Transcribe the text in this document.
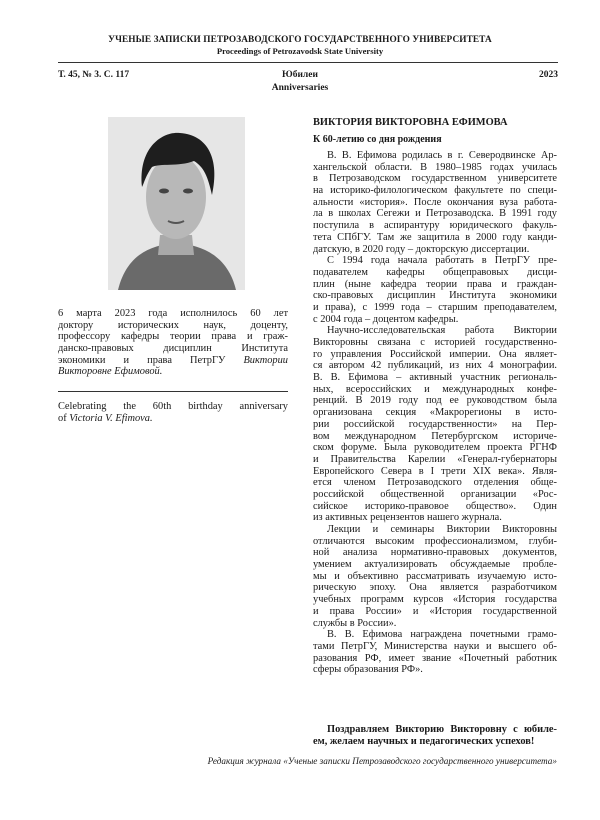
УЧЕНЫЕ ЗАПИСКИ ПЕТРОЗАВОДСКОГО ГОСУДАРСТВЕННОГО УНИВЕРСИТЕТА
Proceedings of Petrozavodsk State University
Т. 45, № 3. С. 117	Юбилеи
Anniversaries
2023
6 марта 2023 года исполнилось 60 лет
доктору исторических наук, доценту,
профессору кафедры теории права и граж-
данско-правовых дисциплин Института
экономики и права ПетрГУ Виктории
Викторовне Ефимовой.
Celebrating the 60th birthday anniversary
of Victoria V. Efimova.
ВИКТОРИЯ ВИКТОРОВНА ЕФИМОВА
К 60-летию со дня рождения
В. В. Ефимова родилась в г. Северодвинске Ар-
хангельской области. В 1980–1985 годах училась
в Петрозаводском государственном университете
на историко-филологическом факультете по специ-
альности «история». После окончания вуза работа-
ла в школах Сегежи и Петрозаводска. В 1991 году
поступила в аспирантуру юридического факуль-
тета СПбГУ. Там же защитила в 2000 году канди-
датскую, в 2020 году – докторскую диссертации.
С 1994 года начала работать в ПетрГУ пре-
подавателем кафедры общеправовых дисци-
плин (ныне кафедра теории права и граждан-
ско-правовых дисциплин Института экономики
и права), с 1999 года – старшим преподавателем,
с 2004 года – доцентом кафедры.
Научно-исследовательская работа Виктории
Викторовны связана с историей государственно-
го управления Российской империи. Она являет-
ся автором 42 публикаций, из них 4 монографии.
В. В. Ефимова – активный участник региональ-
ных, всероссийских и международных конфе-
ренций. В 2019 году под ее руководством была
организована секция «Макрорегионы в исто-
рии российской государственности» на Пер-
вом международном Петербургском историче-
ском форуме. Была руководителем проекта РГНФ
и Правительства Карелии «Генерал-губернаторы
Европейского Севера в I трети XIX века». Явля-
ется членом Петрозаводского отделения обще-
российской общественной организации «Рос-
сийское историко-правовое общество». Один
из активных рецензентов нашего журнала.
Лекции и семинары Виктории Викторовны
отличаются высоким профессионализмом, глуби-
ной анализа нормативно-правовых документов,
умением актуализировать обсуждаемые пробле-
мы и объективно рассматривать изучаемую исто-
рическую эпоху. Она является разработчиком
учебных программ курсов «История государства
и права России» и «История государственной
службы в России».
В. В. Ефимова награждена почетными грамо-
тами ПетрГУ, Министерства науки и высшего об-
разования РФ, имеет звание «Почетный работник
сферы образования РФ».
Поздравляем Викторию Викторовну с юбиле-
ем, желаем научных и педагогических успехов!
Редакция журнала «Ученые записки Петрозаводского государственного университета»
